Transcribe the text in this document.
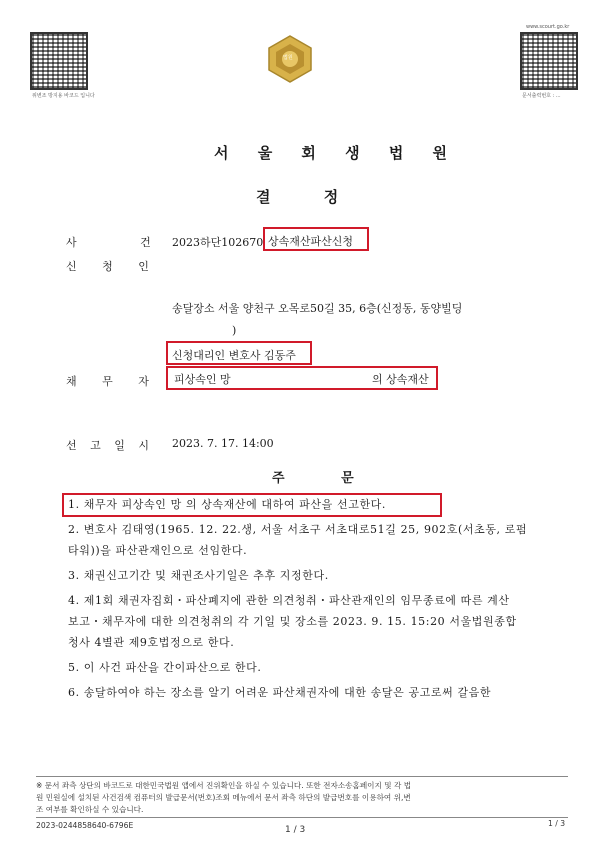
위변조 방지용 바코드 입니다
법원
www.scourt.go.kr
문서출력번호 : ...
서 울 회 생 법 원
결 정
사 건
2023하단102670 상속재산파산신청
신 청 인
송달장소 서울 양천구 오목로50길 35, 6층(신정동, 동양빌딩
)
신청대리인 변호사 김동주
채 무 자 피상속인 망	의 상속재산
선 고 일 시 2023. 7. 17. 14:00
주 문
1. 채무자 피상속인 망 의 상속재산에 대하여 파산을 선고한다.
2. 변호사 김태영(1965. 12. 22.생, 서울 서초구 서초대로51길 25, 902호(서초동, 로펌
타워))을 파산관재인으로 선임한다.
3. 채권신고기간 및 채권조사기일은 추후 지정한다.
4. 제1회 채권자집회・파산폐지에 관한 의견청취・파산관재인의 임무종료에 따른 계산
보고・채무자에 대한 의견청취의 각 기일 및 장소를 2023. 9. 15. 15:20 서울법원종합
청사 4별관 제9호법정으로 한다.
5. 이 사건 파산을 간이파산으로 한다.
6. 송달하여야 하는 장소를 알기 어려운 파산채권자에 대한 송달은 공고로써 갈음한
※ 문서 좌측 상단의 바코드로 대한민국법원 앱에서 진위확인을 하실 수 있습니다. 또한 전자소송홈페이지 및 각 법
원 민원실에 설치된 사건검색 컴퓨터의 발급문서(번호)조회 메뉴에서 문서 좌측 하단의 발급번호를 이용하여 위,변
조 여부를 확인하실 수 있습니다.
2023-0244858640-6796E	1 / 3
1 / 3
